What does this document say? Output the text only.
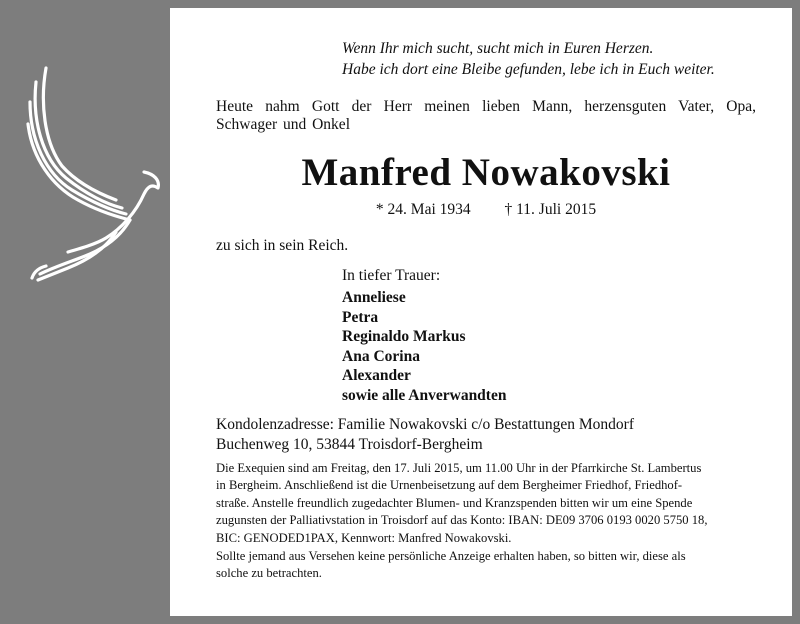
Wenn Ihr mich sucht, sucht mich in Euren Herzen.
Habe ich dort eine Bleibe gefunden, lebe ich in Euch weiter.
Heute nahm Gott der Herr meinen lieben Mann, herzensguten Vater, Opa,
Schwager und Onkel
Manfred Nowakovski
* 24. Mai 1934 † 11. Juli 2015
zu sich in sein Reich.
In tiefer Trauer:
Anneliese
Petra
Reginaldo Markus
Ana Corina
Alexander
sowie alle Anverwandten
Kondolenzadresse: Familie Nowakovski c/o Bestattungen Mondorf
Buchenweg 10, 53844 Troisdorf-Bergheim

Die Exequien sind am Freitag, den 17. Juli 2015, um 11.00 Uhr in der Pfarrkirche St. Lambertus
in Bergheim. Anschließend ist die Urnenbeisetzung auf dem Bergheimer Friedhof, Friedhof-
straße. Anstelle freundlich zugedachter Blumen- und Kranzspenden bitten wir um eine Spende
zugunsten der Palliativstation in Troisdorf auf das Konto: IBAN: DE09 3706 0193 0020 5750 18,
BIC: GENODED1PAX, Kennwort: Manfred Nowakovski.

Sollte jemand aus Versehen keine persönliche Anzeige erhalten haben, so bitten wir, diese als
solche zu betrachten.
